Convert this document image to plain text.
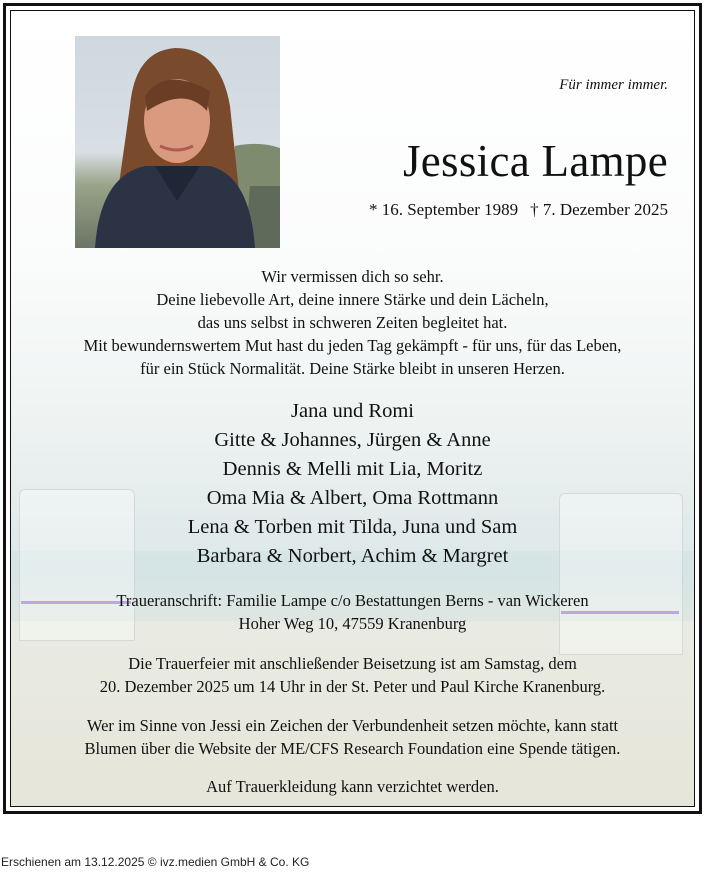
Für immer immer.
Jessica Lampe
* 16. September 1989 † 7. Dezember 2025
Wir vermissen dich so sehr.
Deine liebevolle Art, deine innere Stärke und dein Lächeln,
das uns selbst in schweren Zeiten begleitet hat.
Mit bewundernswertem Mut hast du jeden Tag gekämpft - für uns, für das Leben,
für ein Stück Normalität. Deine Stärke bleibt in unseren Herzen.
Jana und Romi
Gitte & Johannes, Jürgen & Anne
Dennis & Melli mit Lia, Moritz
Oma Mia & Albert, Oma Rottmann
Lena & Torben mit Tilda, Juna und Sam
Barbara & Norbert, Achim & Margret
Traueranschrift: Familie Lampe c/o Bestattungen Berns - van Wickeren
Hoher Weg 10, 47559 Kranenburg
Die Trauerfeier mit anschließender Beisetzung ist am Samstag, dem
20. Dezember 2025 um 14 Uhr in der St. Peter und Paul Kirche Kranenburg.
Wer im Sinne von Jessi ein Zeichen der Verbundenheit setzen möchte, kann statt
Blumen über die Website der ME/CFS Research Foundation eine Spende tätigen.
Auf Trauerkleidung kann verzichtet werden.
Erschienen am 13.12.2025 © ivz.medien GmbH & Co. KG
